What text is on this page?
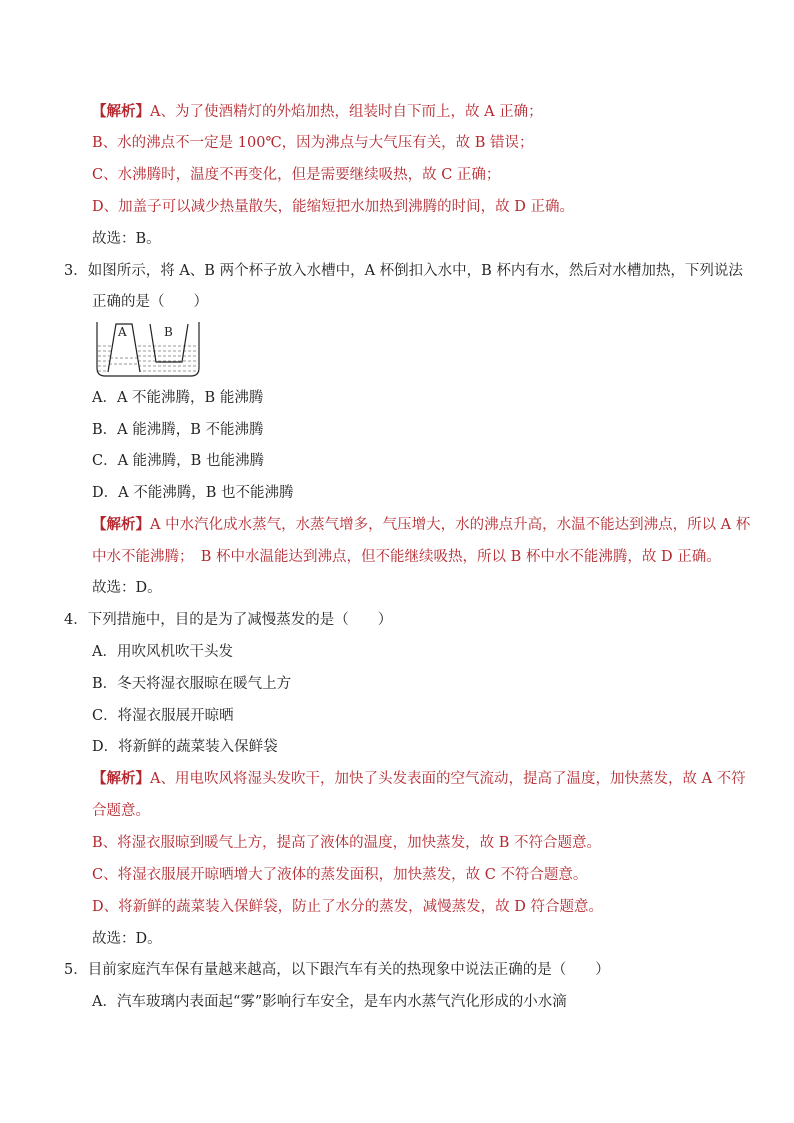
【解析】A、为了使酒精灯的外焰加热，组装时自下而上，故 A 正确；
B、水的沸点不一定是 100℃，因为沸点与大气压有关，故 B 错误；
C、水沸腾时，温度不再变化，但是需要继续吸热，故 C 正确；
D、加盖子可以减少热量散失，能缩短把水加热到沸腾的时间，故 D 正确。
故选：B。
3．如图所示，将 A、B 两个杯子放入水槽中，A 杯倒扣入水中，B 杯内有水，然后对水槽加热，下列说法
正确的是（　　）
A	B
A．A 不能沸腾，B 能沸腾
B．A 能沸腾，B 不能沸腾
C．A 能沸腾，B 也能沸腾
D．A 不能沸腾，B 也不能沸腾
【解析】A 中水汽化成水蒸气，水蒸气增多，气压增大，水的沸点升高，水温不能达到沸点，所以 A 杯
中水不能沸腾；　B 杯中水温能达到沸点，但不能继续吸热，所以 B 杯中水不能沸腾，故 D 正确。
故选：D。
4．下列措施中，目的是为了减慢蒸发的是（　　）
A．用吹风机吹干头发
B．冬天将湿衣服晾在暖气上方
C．将湿衣服展开晾晒
D．将新鲜的蔬菜装入保鲜袋
【解析】A、用电吹风将湿头发吹干，加快了头发表面的空气流动，提高了温度，加快蒸发，故 A 不符
合题意。
B、将湿衣服晾到暖气上方，提高了液体的温度，加快蒸发，故 B 不符合题意。
C、将湿衣服展开晾晒增大了液体的蒸发面积，加快蒸发，故 C 不符合题意。
D、将新鲜的蔬菜装入保鲜袋，防止了水分的蒸发，减慢蒸发，故 D 符合题意。
故选：D。
5．目前家庭汽车保有量越来越高，以下跟汽车有关的热现象中说法正确的是（　　）
A．汽车玻璃内表面起“雾”影响行车安全，是车内水蒸气汽化形成的小水滴
